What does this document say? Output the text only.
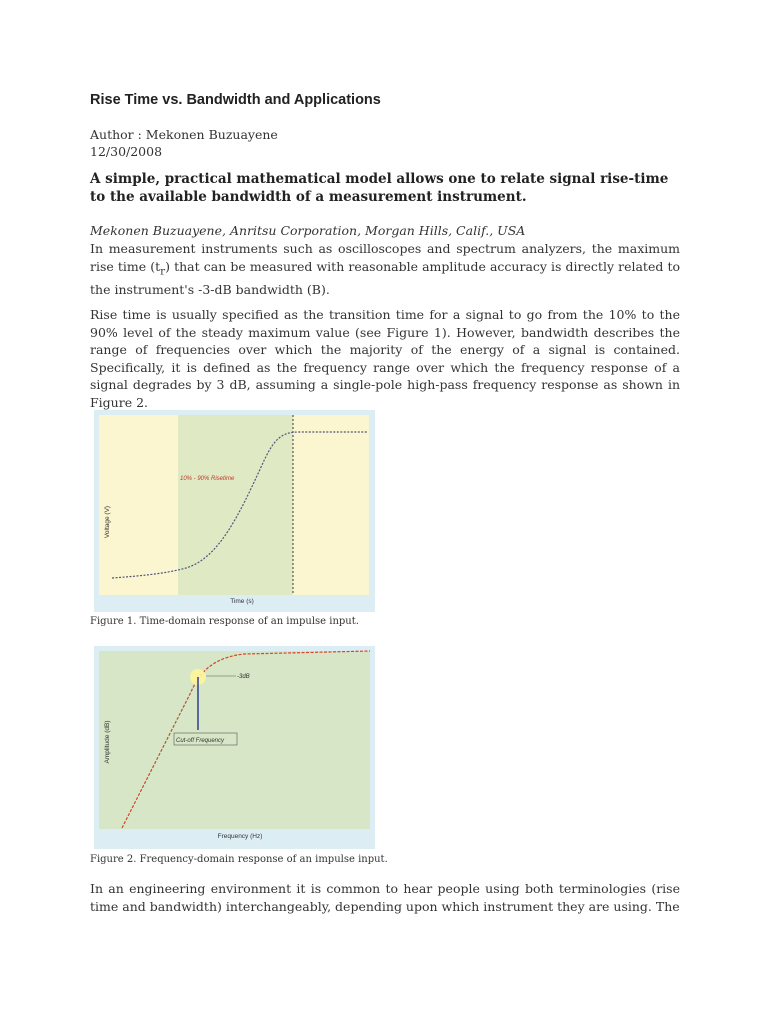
Rise Time vs. Bandwidth and Applications
Author : Mekonen Buzuayene
12/30/2008

A simple, practical mathematical model allows one to relate signal rise-time to the available bandwidth of a measurement instrument.

Mekonen Buzuayene, Anritsu Corporation, Morgan Hills, Calif., USA

In measurement instruments such as oscilloscopes and spectrum analyzers, the maximum rise time $(t_r)$ that can be measured with reasonable amplitude accuracy is directly related to the instrument's -3-dB bandwidth (B).

Rise time is usually specified as the transition time for a signal to go from the 10% to the 90% level of the steady maximum value (see Figure 1). However, bandwidth describes the range of frequencies over which the majority of the energy of a signal is contained. Specifically, it is defined as the frequency range over which the frequency response of a signal degrades by 3 dB, assuming a single-pole high-pass frequency response as shown in Figure 2.

10% - 90% Risetime
Time (s)
Voltage (V)
Figure 1. Time-domain response of an impulse input.
-3dB
Cut-off Frequency
Frequency (Hz)
Amplitude (dB)
Figure 2. Frequency-domain response of an impulse input.

In an engineering environment it is common to hear people using both terminologies (rise time and bandwidth) interchangeably, depending upon which instrument they are using. The
